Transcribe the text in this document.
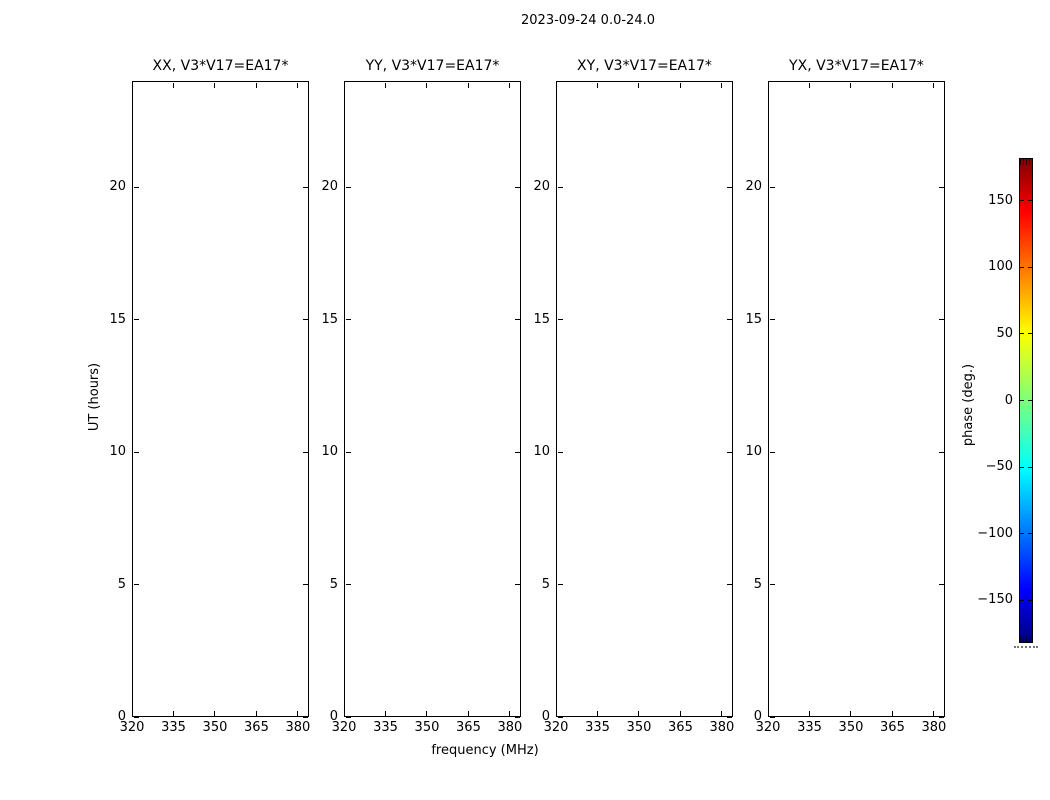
2023-09-24 0.0-24.0
XX, V3*V17=EA17*	YY, V3*V17=EA17*	XY, V3*V17=EA17*	YX, V3*V17=EA17*
UT (hours)
frequency (MHz)
phase (deg.)
320	335	350	365	380
0
5
10
15
20
320	335	350	365	380
0
5
10
15
20
320	335	350	365	380
0
5
10
15
20
320	335	350	365	380
0
5
10
15
20
150
100
50
0
−50
−100
−150
